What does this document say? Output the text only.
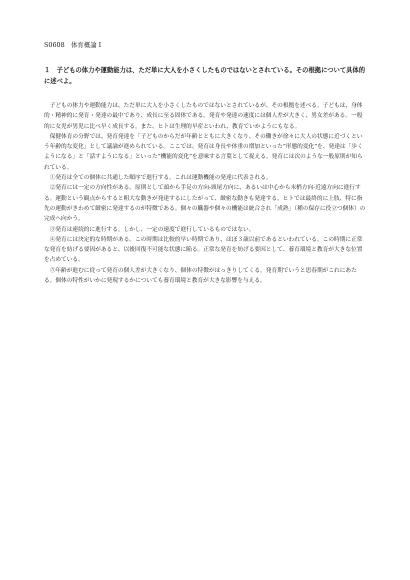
S0608　体育概論 I
１　子どもの体力や運動能力は、ただ単に大人を小さくしたものではないとされている。その根拠について具体的に述べよ。

子どもの体力や運動能力は、ただ単に大人を小さくしたものではないとされているが、その根拠を述べる。子どもは、身体的・精神的に発育・発達の最中であり、成長に至る固体である。発育や発達の速度には個人差が大きく、男女差がある。一般的に女児が男児に比べ早く成長する。また、ヒトは生理的早産といわれ、教育でいかようにもなる。

保健体育の分野では、発育発達を「子どものからだが年齢とともに大きくなり、その働きが徐々に大人の状態に近づくという年齢的な変化」として議論が進められている。ここでは、発育は身長や体重の増加といった”形態的変化”を、発達は「歩くようになる」と「話すようになる」といった”機能的変化”を意味する言葉として捉える。発育には次のような一般原則が知られている。

①発育は全ての個体に共通した順序で進行する。これは運動機能の発達に代表される。

②発育には一定の方向性がある。原則として頭から手足の方向-頸尾方向に、あるいは中心から末梢方向-近遠方向に進行する。運動という観点からすると粗大な動きが発達するにしたがって、緻密な動きも発達する。ヒトでは最終的に上肢、特に指先の運動がきわめて緻密に発達するのが特徴である。個々の臓器や個々の機能は統合され「成熟」（種の保存に役立つ個体）の完成へ向かう。

③発育は連続的に進行する。しかし、一定の速度で進行しているものではない。

④発育には決定的な時期がある。この時期は比較的早い時期であり、ほぼ３歳以前であるといわれている。この時期に正常な発育を妨げる要因があると、以後回復不可能な状態に陥る。正常な発育を妨げる要因として、養育環境と教育が大きな位置を占めている。

⑤年齢が進むに従って発育の個人差が大きくなり、個体の特徴がはっきりしてくる。発育期でいうと思春期がこれにあたる。個体の特性がいかに発現するかについても養育環境と教育が大きな影響を与える。
